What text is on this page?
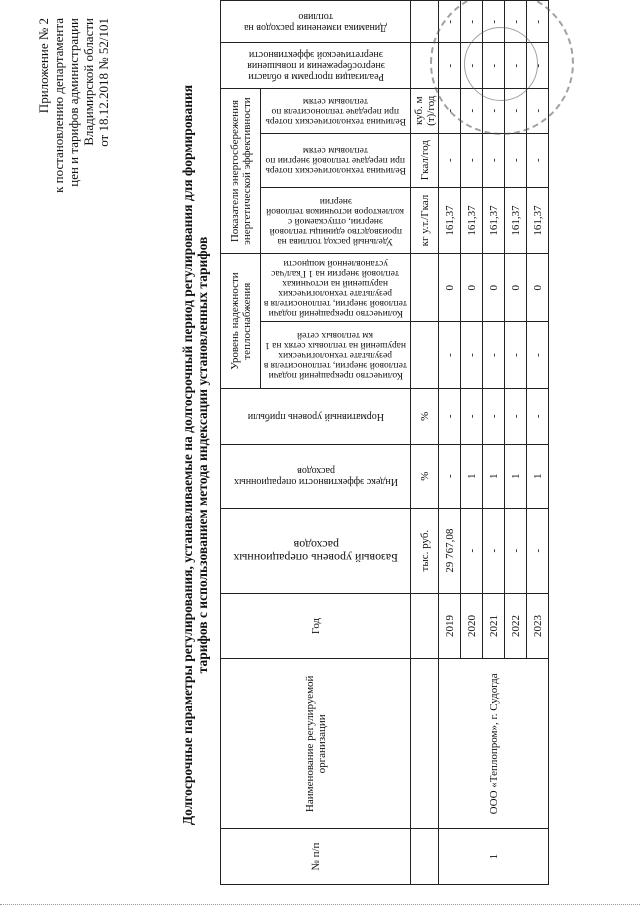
Приложение № 2 к постановлению департамента цен и тарифов администрации Владимирской области от 18.12.2018 № 52/101
Долгосрочные параметры регулирования, устанавливаемые на долгосрочный период регулирования для формирования тарифов с использованием метода индексации установленных тарифов
№ п/п	Наименование регулируемой организации	Год	Базовый уровень операционных расходов	Индекс эффективности операционных расходов	Нормативный уровень прибыли	Уровень надежности теплоснабжения		Показатели энергосбережения энергетической эффективности			Реализация программ в области энергосбережения и повышения энергетической эффективности	Динамика изменения расходов на топливо

						Количество прекращений подачи тепловой энергии, теплоносителя в результате технологических нарушений на тепловых сетях на 1 км тепловых сетей	Количество прекращений подачи тепловой энергии, теплоносителя в результате технологических нарушений на источниках тепловой энергии на 1 Гкал/час установленной мощности	Удельный расход топлива на производство единицы тепловой энергии, отпускаемой с коллекторов источников тепловой энергии	Величина технологических потерь при передаче тепловой энергии по тепловым сетям	Величина технологических потерь при передаче теплоносителя по тепловым сетям		

			тыс. руб.	%	%			кг у.т./Гкал	Гкал/год	куб. м (т)/год		
1	ООО «Теплопром», г. Судогда	2019	29 767,08	-	-	-	0	161,37	-	-	-	-
		2020	-	1	-	-	0	161,37	-	-	-	-
		2021	-	1	-	-	0	161,37	-	-	-	-
		2022	-	1	-	-	0	161,37	-	-	-	-
		2023	-	1	-	-	0	161,37	-	-	-	-
